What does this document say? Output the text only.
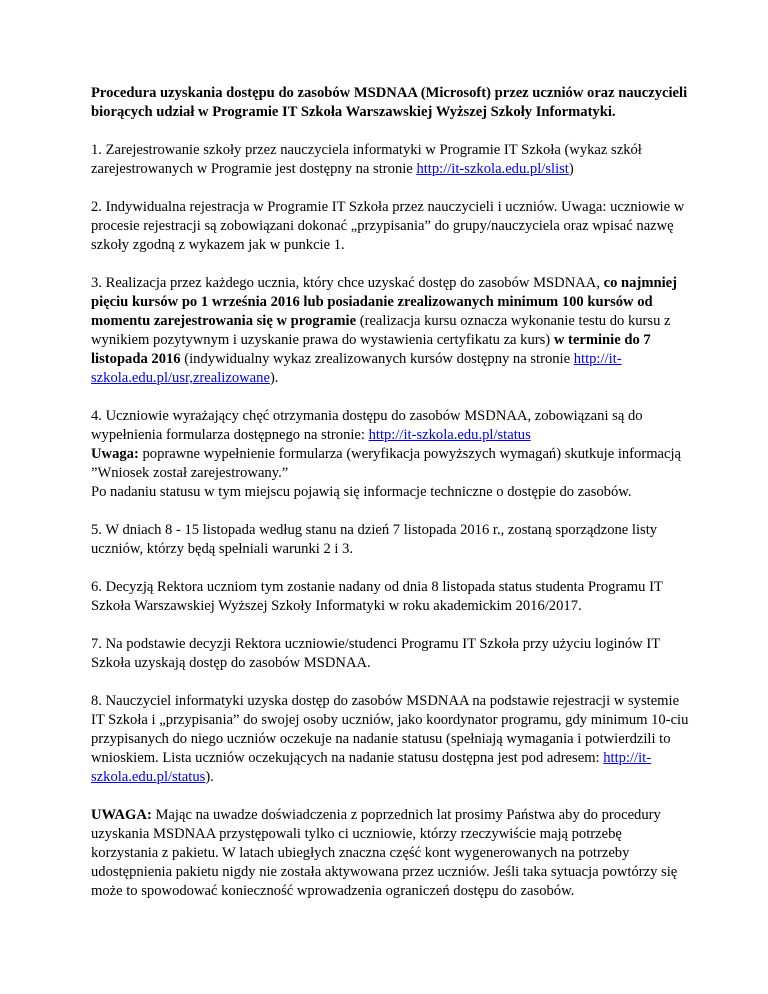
Procedura uzyskania dostępu do zasobów MSDNAA (Microsoft) przez uczniów oraz nauczycieli biorących udział w Programie IT Szkoła Warszawskiej Wyższej Szkoły Informatyki.

1. Zarejestrowanie szkoły przez nauczyciela informatyki w Programie IT Szkoła (wykaz szkół zarejestrowanych w Programie jest dostępny na stronie http://it-szkola.edu.pl/slist)

2. Indywidualna rejestracja w Programie IT Szkoła przez nauczycieli i uczniów. Uwaga: uczniowie w procesie rejestracji są zobowiązani dokonać „przypisania” do grupy/nauczyciela oraz wpisać nazwę szkoły zgodną z wykazem jak w punkcie 1.

3. Realizacja przez każdego ucznia, który chce uzyskać dostęp do zasobów MSDNAA, co najmniej pięciu kursów po 1 września 2016 lub posiadanie zrealizowanych minimum 100 kursów od momentu zarejestrowania się w programie (realizacja kursu oznacza wykonanie testu do kursu z wynikiem pozytywnym i uzyskanie prawa do wystawienia certyfikatu za kurs) w terminie do 7 listopada 2016 (indywidualny wykaz zrealizowanych kursów dostępny na stronie http://it-szkola.edu.pl/usr,zrealizowane).

4. Uczniowie wyrażający chęć otrzymania dostępu do zasobów MSDNAA, zobowiązani są do wypełnienia formularza dostępnego na stronie: http://it-szkola.edu.pl/status
Uwaga: poprawne wypełnienie formularza (weryfikacja powyższych wymagań) skutkuje informacją ”Wniosek został zarejestrowany.”
Po nadaniu statusu w tym miejscu pojawią się informacje techniczne o dostępie do zasobów.

5. W dniach 8 - 15 listopada według stanu na dzień 7 listopada 2016 r., zostaną sporządzone listy uczniów, którzy będą spełniali warunki 2 i 3.

6. Decyzją Rektora uczniom tym zostanie nadany od dnia 8 listopada status studenta Programu IT Szkoła Warszawskiej Wyższej Szkoły Informatyki w roku akademickim 2016/2017.

7. Na podstawie decyzji Rektora uczniowie/studenci Programu IT Szkoła przy użyciu loginów IT Szkoła uzyskają dostęp do zasobów MSDNAA.

8. Nauczyciel informatyki uzyska dostęp do zasobów MSDNAA na podstawie rejestracji w systemie IT Szkoła i „przypisania” do swojej osoby uczniów, jako koordynator programu, gdy minimum 10-ciu przypisanych do niego uczniów oczekuje na nadanie statusu (spełniają wymagania i potwierdzili to wnioskiem. Lista uczniów oczekujących na nadanie statusu dostępna jest pod adresem: http://it-szkola.edu.pl/status).

UWAGA: Mając na uwadze doświadczenia z poprzednich lat prosimy Państwa aby do procedury uzyskania MSDNAA przystępowali tylko ci uczniowie, którzy rzeczywiście mają potrzebę korzystania z pakietu. W latach ubiegłych znaczna część kont wygenerowanych na potrzeby udostępnienia pakietu nigdy nie została aktywowana przez uczniów. Jeśli taka sytuacja powtórzy się może to spowodować konieczność wprowadzenia ograniczeń dostępu do zasobów.
